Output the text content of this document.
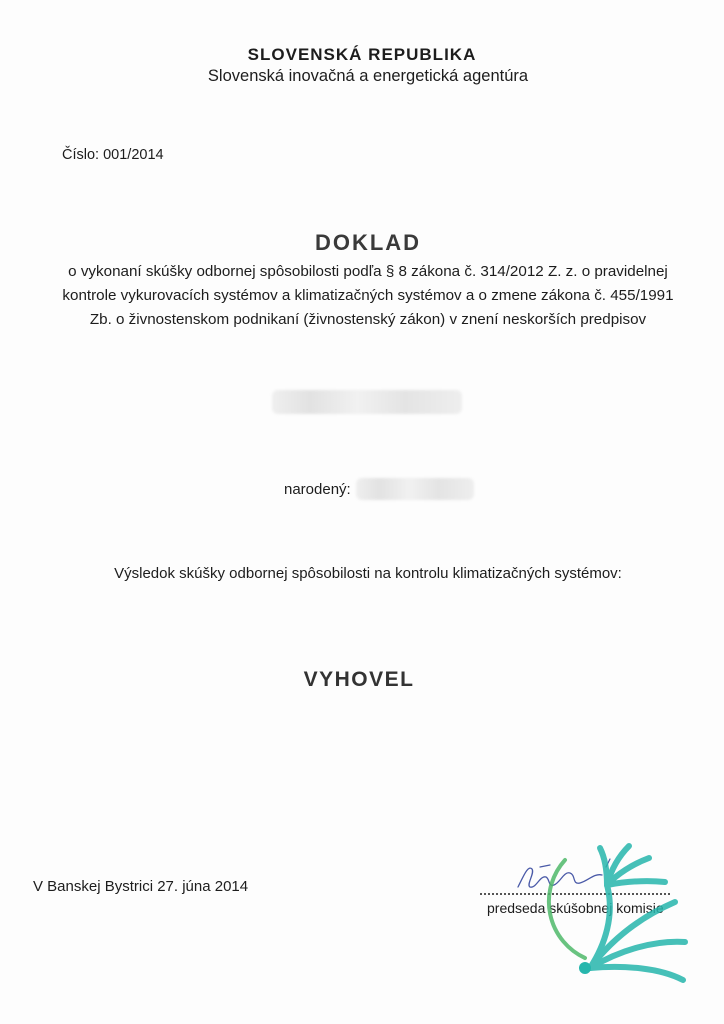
SLOVENSKÁ REPUBLIKA
Slovenská inovačná a energetická agentúra
Číslo: 001/2014
DOKLAD
o vykonaní skúšky odbornej spôsobilosti podľa § 8 zákona č. 314/2012 Z. z. o pravidelnej kontrole vykurovacích systémov a klimatizačných systémov a o zmene zákona č. 455/1991 Zb. o živnostenskom podnikaní (živnostenský zákon) v znení neskorších predpisov
narodený:
Výsledok skúšky odbornej spôsobilosti na kontrolu klimatizačných systémov:
VYHOVEL
V Banskej Bystrici 27. júna 2014
predseda skúšobnej komisie
